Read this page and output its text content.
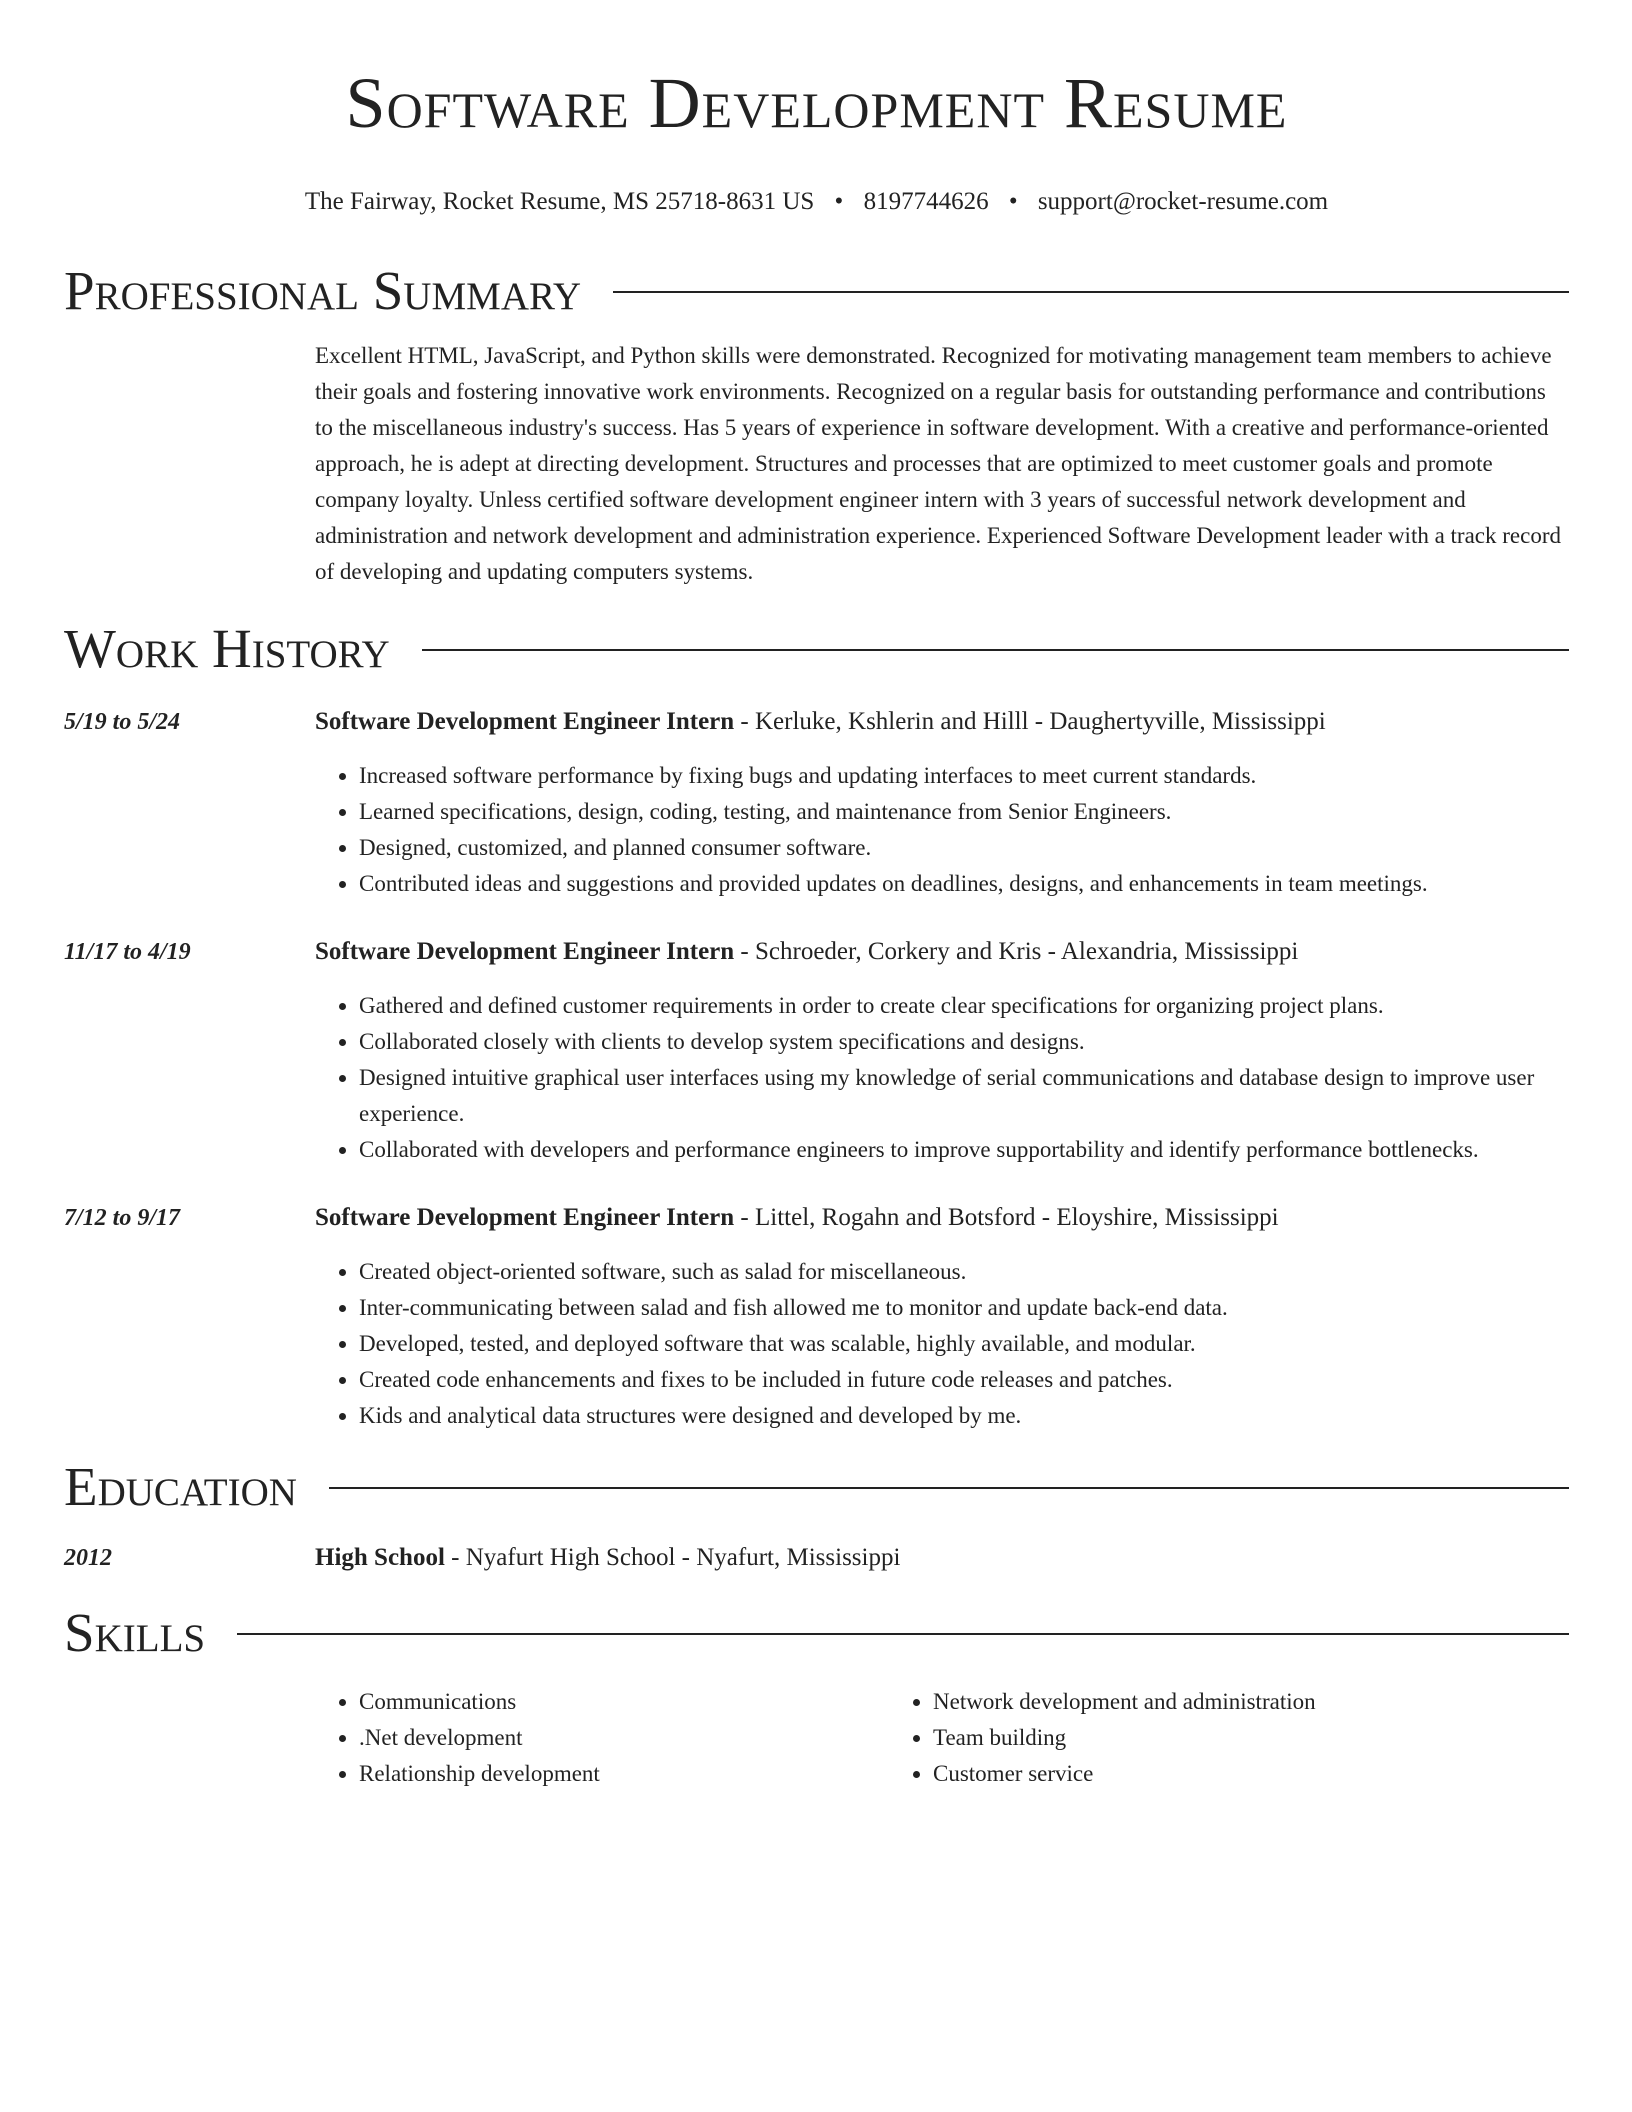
Software Development Resume
The Fairway, Rocket Resume, MS 25718-8631 US • 8197744626 • support@rocket-resume.com
Professional Summary

Excellent HTML, JavaScript, and Python skills were demonstrated. Recognized for motivating management team members to achieve their goals and fostering innovative work environments. Recognized on a regular basis for outstanding performance and contributions to the miscellaneous industry's success. Has 5 years of experience in software development. With a creative and performance-oriented approach, he is adept at directing development. Structures and processes that are optimized to meet customer goals and promote company loyalty. Unless certified software development engineer intern with 3 years of successful network development and administration and network development and administration experience. Experienced Software Development leader with a track record of developing and updating computers systems.

Work History
5/19 to 5/24	Software Development Engineer Intern - Kerluke, Kshlerin and Hilll - Daughertyville, Mississippi
• Increased software performance by fixing bugs and updating interfaces to meet current standards.
• Learned specifications, design, coding, testing, and maintenance from Senior Engineers.
• Designed, customized, and planned consumer software.
• Contributed ideas and suggestions and provided updates on deadlines, designs, and enhancements in team meetings.
11/17 to 4/19	Software Development Engineer Intern - Schroeder, Corkery and Kris - Alexandria, Mississippi
• Gathered and defined customer requirements in order to create clear specifications for organizing project plans.
• Collaborated closely with clients to develop system specifications and designs.
• Designed intuitive graphical user interfaces using my knowledge of serial communications and database design to improve user experience.
• Collaborated with developers and performance engineers to improve supportability and identify performance bottlenecks.
7/12 to 9/17	Software Development Engineer Intern - Littel, Rogahn and Botsford - Eloyshire, Mississippi
• Created object-oriented software, such as salad for miscellaneous.
• Inter-communicating between salad and fish allowed me to monitor and update back-end data.
• Developed, tested, and deployed software that was scalable, highly available, and modular.
• Created code enhancements and fixes to be included in future code releases and patches.
• Kids and analytical data structures were designed and developed by me.
Education
2012	High School - Nyafurt High School - Nyafurt, Mississippi
Skills
• Communications
• .Net development
• Relationship development
• Network development and administration
• Team building
• Customer service
